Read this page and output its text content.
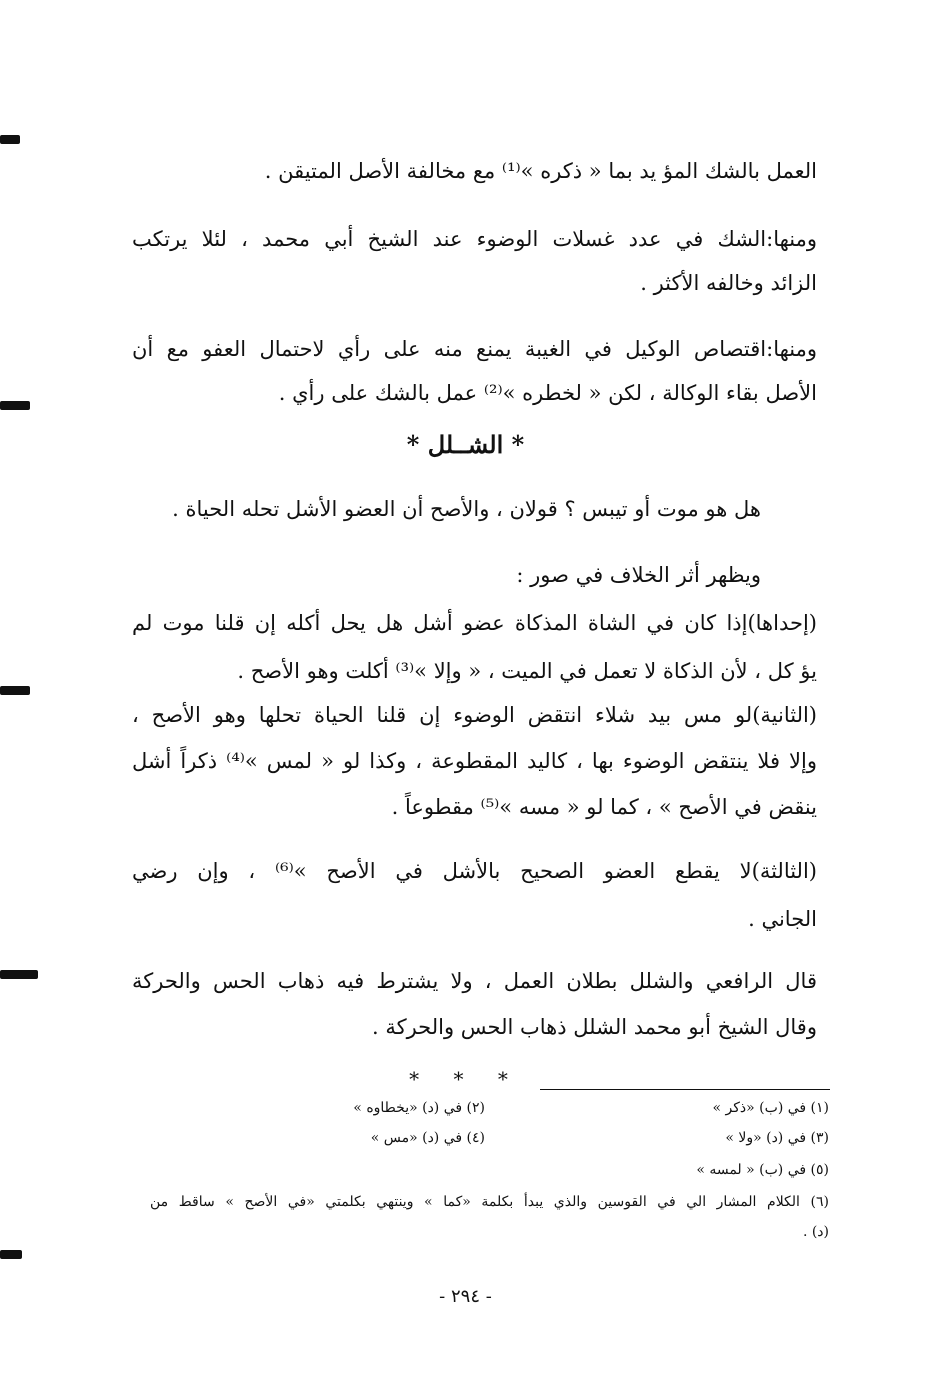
العمل بالشك المؤ يد بما « ذكره »⁽¹⁾ مع مخالفة الأصل المتيقن .
ومنها:الشك في عدد غسلات الوضوء عند الشيخ أبي محمد ، لئلا يرتكب
الزائد وخالفه الأكثر .
ومنها:اقتصاص الوكيل في الغيبة يمنع منه على رأي لاحتمال العفو مع أن
الأصل بقاء الوكالة ، لكن « لخطره »⁽²⁾ عمل بالشك على رأي .
* الشــلل *
هل هو موت أو تيبس ؟ قولان ، والأصح أن العضو الأشل تحله الحياة .
ويظهر أثر الخلاف في صور :
(إحداها)إذا كان في الشاة المذكاة عضو أشل هل يحل أكله إن قلنا موت لم
يؤ كل ، لأن الذكاة لا تعمل في الميت ، « وإلا »⁽³⁾ أكلت وهو الأصح .
(الثانية)لو مس بيد شلاء انتقض الوضوء إن قلنا الحياة تحلها وهو الأصح ،
وإلا فلا ينتقض الوضوء بها ، كاليد المقطوعة ، وكذا لو « لمس »⁽⁴⁾ ذكراً أشل
ينقض في الأصح » ، كما لو « مسه »⁽⁵⁾ مقطوعاً .
(الثالثة)لا يقطع العضو الصحيح بالأشل في الأصح »⁽⁶⁾ ، وإن رضي
الجاني .
قال الرافعي والشلل بطلان العمل ، ولا يشترط فيه ذهاب الحس والحركة
وقال الشيخ أبو محمد الشلل ذهاب الحس والحركة .
* * *
(١) في (ب) «ذكر »
(٢) في (د) «يخطاوه »
(٣) في (د) «ولا »
(٤) في (د) «مس »
(٥) في (ب) « لمسه »
(٦) الكلام المشار الي في القوسين والذي يبدأ بكلمة «كما » وينتهي بكلمتي «في الأصح » ساقط من
(د) .
- ٢٩٤ -
